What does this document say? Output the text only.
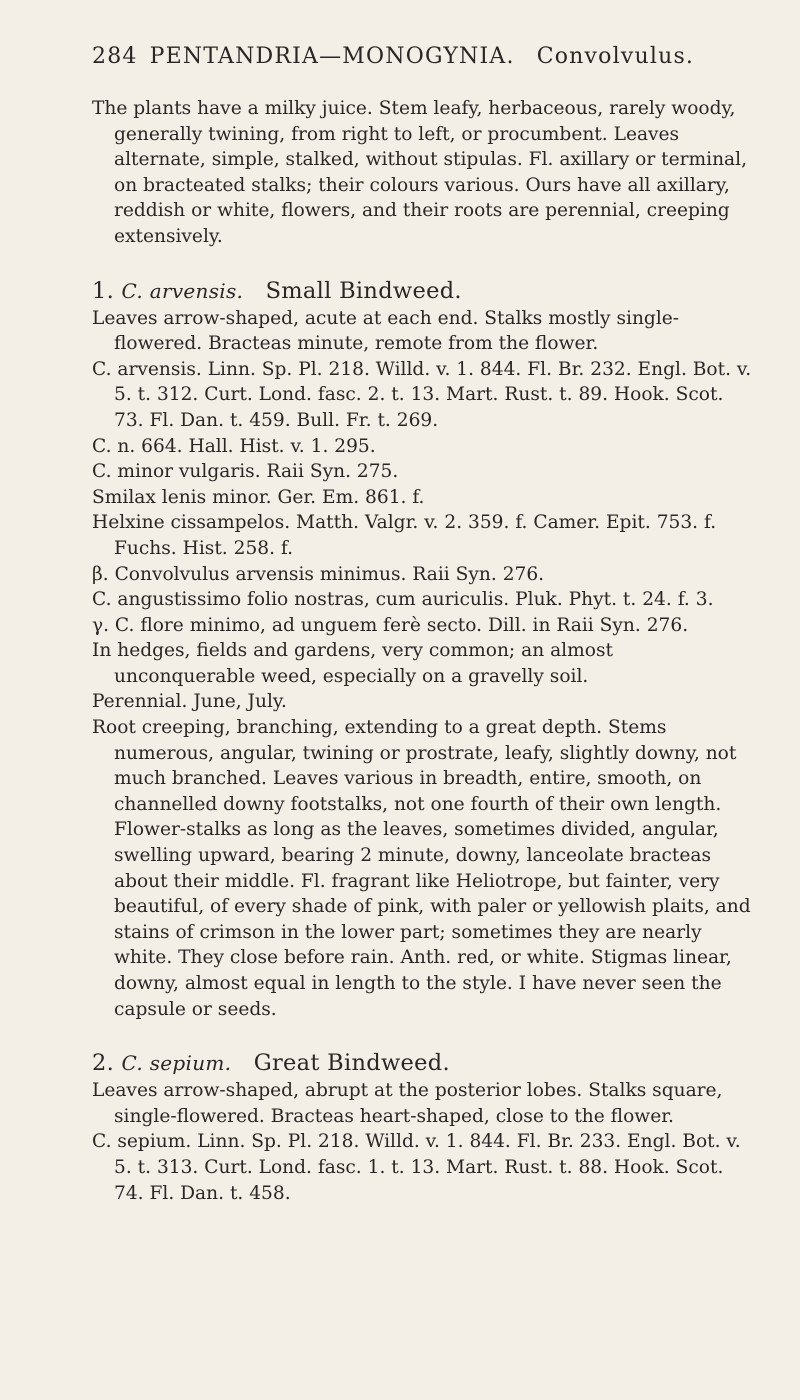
284 PENTANDRIA—MONOGYNIA. Convolvulus.

The plants have a milky juice. Stem leafy, herbaceous, rarely woody, generally twining, from right to left, or procumbent. Leaves alternate, simple, stalked, without stipulas. Fl. axillary or terminal, on bracteated stalks; their colours various. Ours have all axillary, reddish or white, flowers, and their roots are perennial, creeping extensively.

1. C. arvensis. Small Bindweed.

Leaves arrow-shaped, acute at each end. Stalks mostly single-flowered. Bracteas minute, remote from the flower.

C. arvensis. Linn. Sp. Pl. 218. Willd. v. 1. 844. Fl. Br. 232. Engl. Bot. v. 5. t. 312. Curt. Lond. fasc. 2. t. 13. Mart. Rust. t. 89. Hook. Scot. 73. Fl. Dan. t. 459. Bull. Fr. t. 269.

C. n. 664. Hall. Hist. v. 1. 295.

C. minor vulgaris. Raii Syn. 275.

Smilax lenis minor. Ger. Em. 861. f.

Helxine cissampelos. Matth. Valgr. v. 2. 359. f. Camer. Epit. 753. f. Fuchs. Hist. 258. f.

β. Convolvulus arvensis minimus. Raii Syn. 276.

C. angustissimo folio nostras, cum auriculis. Pluk. Phyt. t. 24. f. 3.

γ. C. flore minimo, ad unguem ferè secto. Dill. in Raii Syn. 276.

In hedges, fields and gardens, very common; an almost unconquerable weed, especially on a gravelly soil.

Perennial. June, July.

Root creeping, branching, extending to a great depth. Stems numerous, angular, twining or prostrate, leafy, slightly downy, not much branched. Leaves various in breadth, entire, smooth, on channelled downy footstalks, not one fourth of their own length. Flower-stalks as long as the leaves, sometimes divided, angular, swelling upward, bearing 2 minute, downy, lanceolate bracteas about their middle. Fl. fragrant like Heliotrope, but fainter, very beautiful, of every shade of pink, with paler or yellowish plaits, and stains of crimson in the lower part; sometimes they are nearly white. They close before rain. Anth. red, or white. Stigmas linear, downy, almost equal in length to the style. I have never seen the capsule or seeds.

2. C. sepium. Great Bindweed.

Leaves arrow-shaped, abrupt at the posterior lobes. Stalks square, single-flowered. Bracteas heart-shaped, close to the flower.

C. sepium. Linn. Sp. Pl. 218. Willd. v. 1. 844. Fl. Br. 233. Engl. Bot. v. 5. t. 313. Curt. Lond. fasc. 1. t. 13. Mart. Rust. t. 88. Hook. Scot. 74. Fl. Dan. t. 458.
